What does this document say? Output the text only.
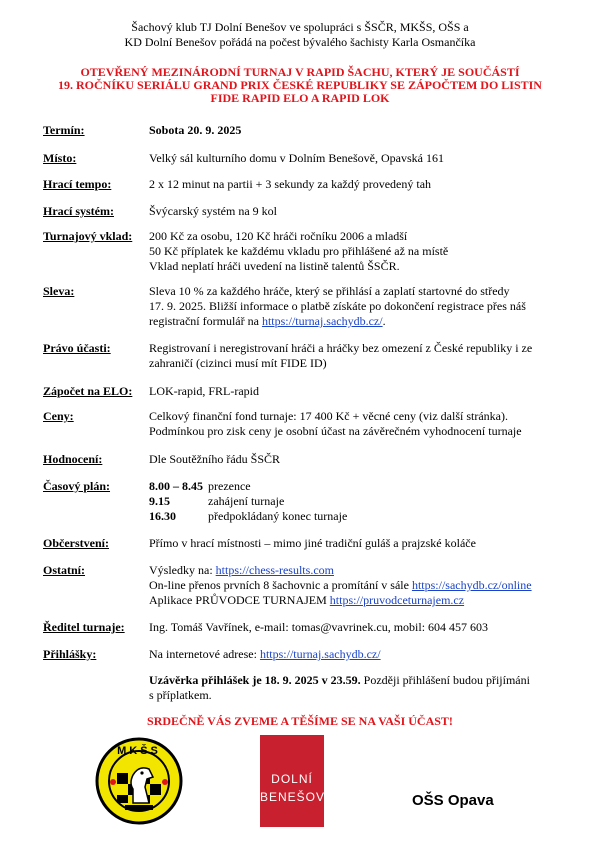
Šachový klub TJ Dolní Benešov ve spolupráci s ŠSČR, MKŠS, OŠS a
KD Dolní Benešov pořádá na počest bývalého šachisty Karla Osmančíka
OTEVŘENÝ MEZINÁRODNÍ TURNAJ V RAPID ŠACHU, KTERÝ JE SOUČÁSTÍ
19. ROČNÍKU SERIÁLU GRAND PRIX ČESKÉ REPUBLIKY SE ZÁPOČTEM DO LISTIN
FIDE RAPID ELO A RAPID LOK
Termín:	Sobota 20. 9. 2025
Místo:	Velký sál kulturního domu v Dolním Benešově, Opavská 161
Hrací tempo:	2 x 12 minut na partii + 3 sekundy za každý provedený tah
Hrací systém:	Švýcarský systém na 9 kol
Turnajový vklad:	200 Kč za osobu, 120 Kč hráči ročníku 2006 a mladší
50 Kč příplatek ke každému vkladu pro přihlášené až na místě
Vklad neplatí hráči uvedení na listině talentů ŠSČR.
Sleva:	Sleva 10 % za každého hráče, který se přihlásí a zaplatí startovné do středy
17. 9. 2025. Bližší informace o platbě získáte po dokončení registrace přes náš
registrační formulář na https://turnaj.sachydb.cz/.
Právo účasti:	Registrovaní i neregistrovaní hráči a hráčky bez omezení z České republiky i ze
zahraničí (cizinci musí mít FIDE ID)
Zápočet na ELO:	LOK-rapid, FRL-rapid
Ceny:	Celkový finanční fond turnaje: 17 400 Kč + věcné ceny (viz další stránka).
Podmínkou pro zisk ceny je osobní účast na závěrečném vyhodnocení turnaje
Hodnocení:	Dle Soutěžního řádu ŠSČR
Časový plán:	8.00 – 8.45 prezence
9.15	zahájení turnaje
16.30	předpokládaný konec turnaje
Občerstvení:	Přímo v hrací místnosti – mimo jiné tradiční guláš a prajzské koláče
Ostatní:	Výsledky na: https://chess-results.com
On-line přenos prvních 8 šachovnic a promítání v sále https://sachydb.cz/online
Aplikace PRŮVODCE TURNAJEM https://pruvodceturnajem.cz
Ředitel turnaje:	Ing. Tomáš Vavřínek, e-mail: tomas@vavrinek.cu, mobil: 604 457 603
Přihlášky:	Na internetové adrese: https://turnaj.sachydb.cz/
Uzávěrka přihlášek je 18. 9. 2025 v 23.59. Později přihlášení budou přijímáni
s příplatkem.
SRDEČNĚ VÁS ZVEME A TĚŠÍME SE NA VAŠI ÚČAST!
MKŠS
DOLNÍ
BENEŠOV	OŠS Opava
